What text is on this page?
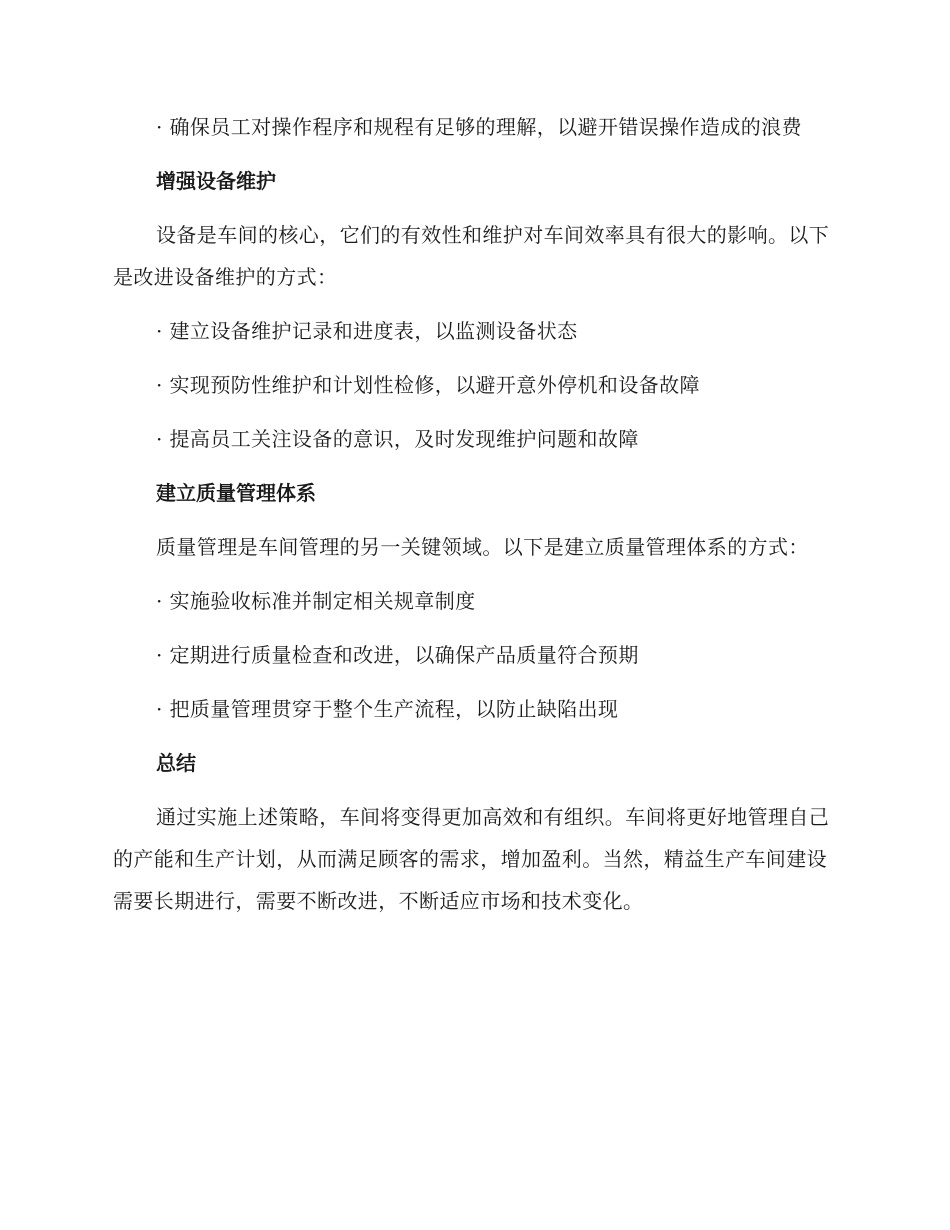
· 确保员工对操作程序和规程有足够的理解，以避开错误操作造成的浪费

增强设备维护

设备是车间的核心，它们的有效性和维护对车间效率具有很大的影响。以下是改进设备维护的方式：

· 建立设备维护记录和进度表，以监测设备状态

· 实现预防性维护和计划性检修，以避开意外停机和设备故障

· 提高员工关注设备的意识，及时发现维护问题和故障

建立质量管理体系

质量管理是车间管理的另一关键领域。以下是建立质量管理体系的方式：

· 实施验收标准并制定相关规章制度

· 定期进行质量检查和改进，以确保产品质量符合预期

· 把质量管理贯穿于整个生产流程，以防止缺陷出现

总结

通过实施上述策略，车间将变得更加高效和有组织。车间将更好地管理自己的产能和生产计划，从而满足顾客的需求，增加盈利。当然，精益生产车间建设需要长期进行，需要不断改进，不断适应市场和技术变化。
